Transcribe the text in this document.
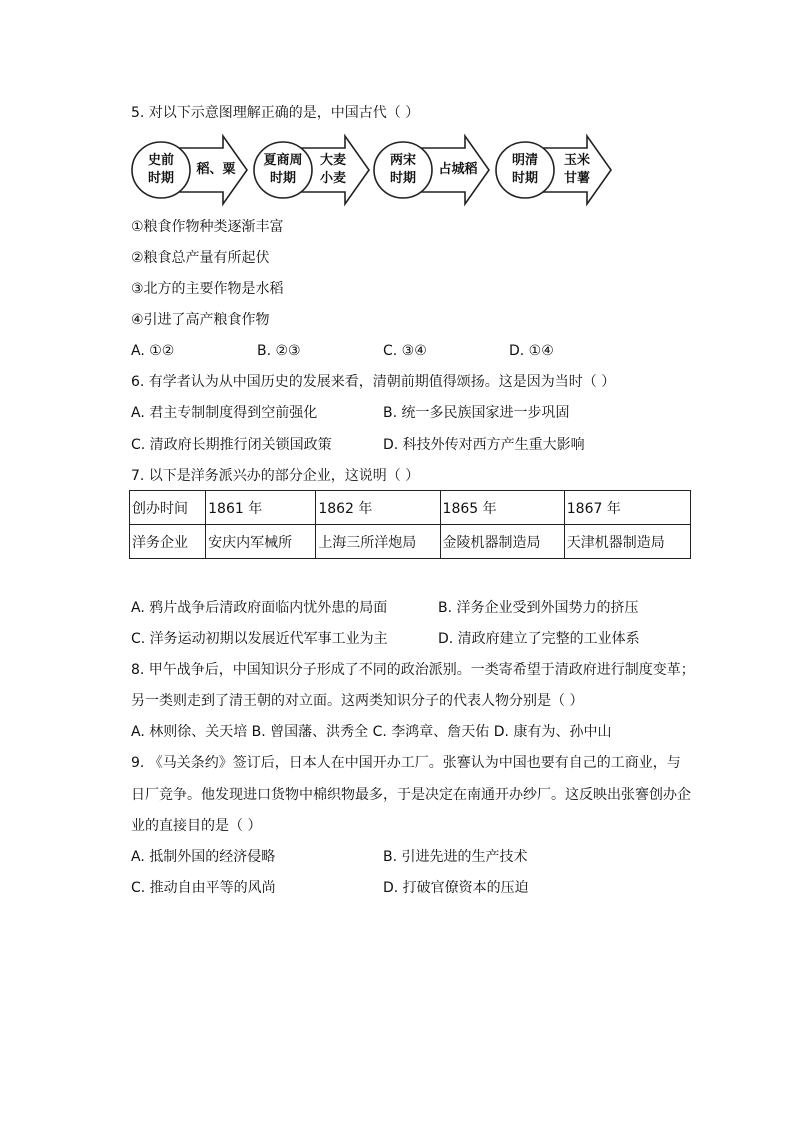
5. 对以下示意图理解正确的是，中国古代（ ）
史前
时期
稻、粟
夏商周
时期
大麦
小麦
两宋
时期
占城稻
明清
时期
玉米
甘薯
①粮食作物种类逐渐丰富
②粮食总产量有所起伏
③北方的主要作物是水稻
④引进了高产粮食作物
A. ①②	B. ②③	C. ③④	D. ①④
6. 有学者认为从中国历史的发展来看，清朝前期值得颂扬。这是因为当时（ ）
A. 君主专制制度得到空前强化	B. 统一多民族国家进一步巩固
C. 清政府长期推行闭关锁国政策	D. 科技外传对西方产生重大影响
7. 以下是洋务派兴办的部分企业，这说明（ ）
创办时间	1861 年	1862 年	1865 年	1867 年
洋务企业	安庆内军械所	上海三所洋炮局	金陵机器制造局	天津机器制造局
A. 鸦片战争后清政府面临内忧外患的局面	B. 洋务企业受到外国势力的挤压
C. 洋务运动初期以发展近代军事工业为主	D. 清政府建立了完整的工业体系
8. 甲午战争后，中国知识分子形成了不同的政治派别。一类寄希望于清政府进行制度变革；
另一类则走到了清王朝的对立面。这两类知识分子的代表人物分别是（ ）
A. 林则徐、关天培 B. 曾国藩、洪秀全 C. 李鸿章、詹天佑 D. 康有为、孙中山
9. 《马关条约》签订后，日本人在中国开办工厂。张謇认为中国也要有自己的工商业，与
日厂竞争。他发现进口货物中棉织物最多，于是决定在南通开办纱厂。这反映出张謇创办企
业的直接目的是（ ）
A. 抵制外国的经济侵略	B. 引进先进的生产技术
C. 推动自由平等的风尚	D. 打破官僚资本的压迫
